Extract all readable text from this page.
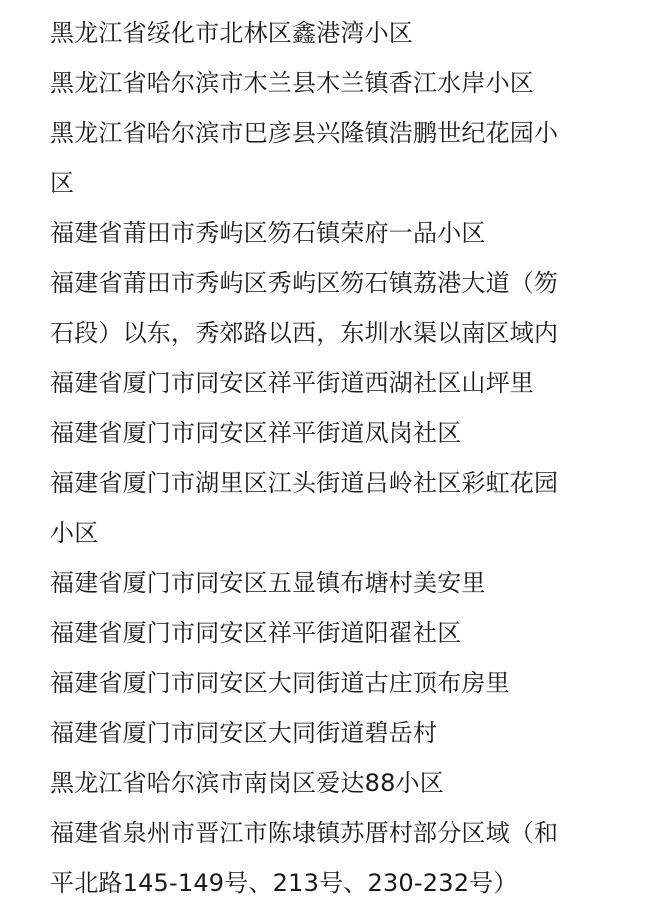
黑龙江省绥化市北林区鑫港湾小区
黑龙江省哈尔滨市木兰县木兰镇香江水岸小区
黑龙江省哈尔滨市巴彦县兴隆镇浩鹏世纪花园小
区
福建省莆田市秀屿区笏石镇荣府一品小区
福建省莆田市秀屿区秀屿区笏石镇荔港大道（笏
石段）以东，秀郊路以西，东圳水渠以南区域内
福建省厦门市同安区祥平街道西湖社区山坪里
福建省厦门市同安区祥平街道凤岗社区
福建省厦门市湖里区江头街道吕岭社区彩虹花园
小区
福建省厦门市同安区五显镇布塘村美安里
福建省厦门市同安区祥平街道阳翟社区
福建省厦门市同安区大同街道古庄顶布房里
福建省厦门市同安区大同街道碧岳村
黑龙江省哈尔滨市南岗区爱达88小区
福建省泉州市晋江市陈埭镇苏厝村部分区域（和
平北路145-149号、213号、230-232号）
